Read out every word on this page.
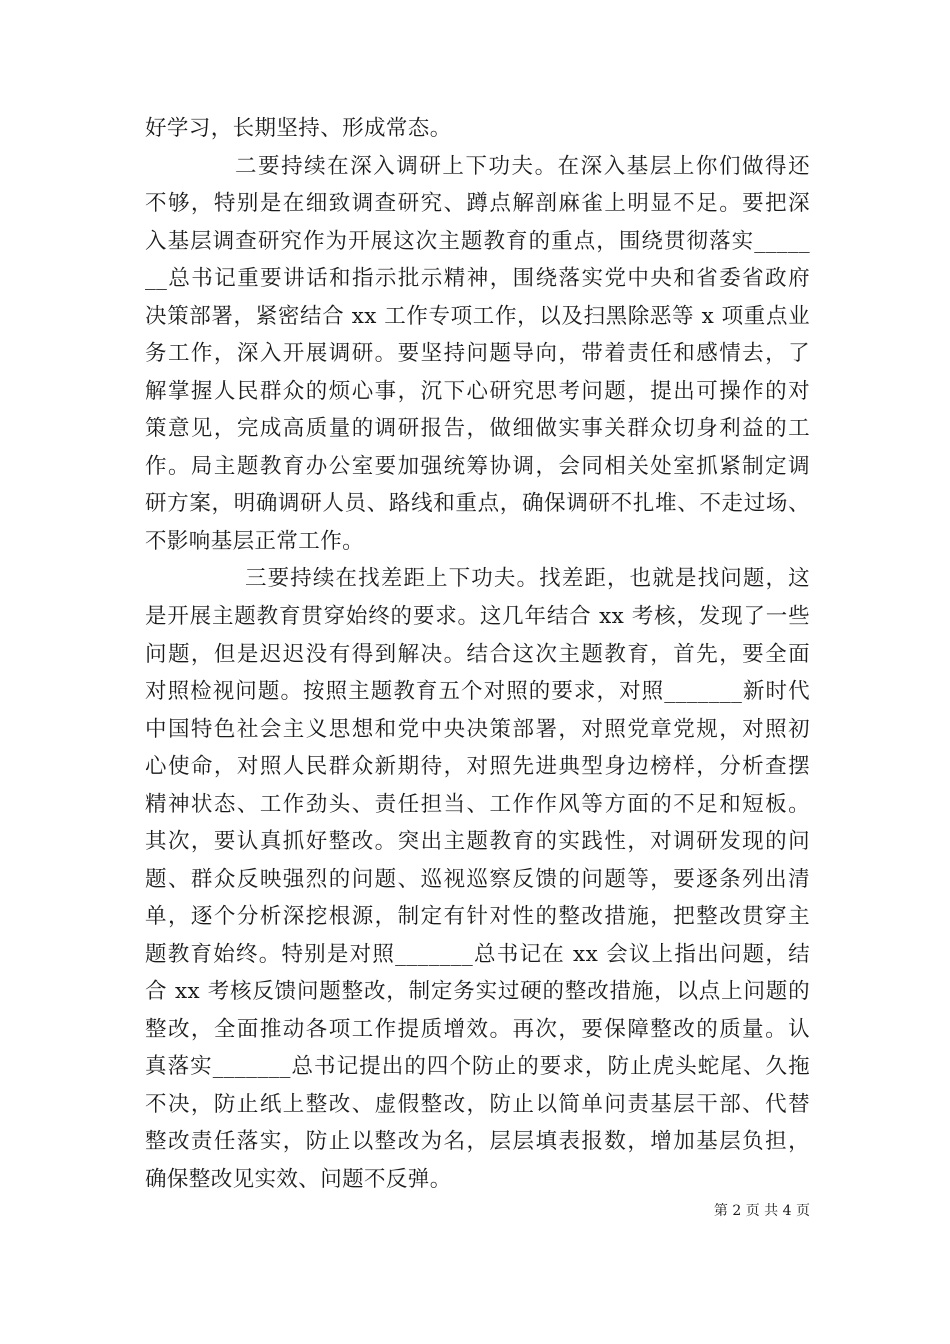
好学习，长期坚持、形成常态。
二要持续在深入调研上下功夫。在深入基层上你们做得还
不够，特别是在细致调查研究、蹲点解剖麻雀上明显不足。要把深
入基层调查研究作为开展这次主题教育的重点，围绕贯彻落实_____
__总书记重要讲话和指示批示精神，围绕落实党中央和省委省政府
决策部署，紧密结合 xx 工作专项工作，以及扫黑除恶等 x 项重点业
务工作，深入开展调研。要坚持问题导向，带着责任和感情去，了
解掌握人民群众的烦心事，沉下心研究思考问题，提出可操作的对
策意见，完成高质量的调研报告，做细做实事关群众切身利益的工
作。局主题教育办公室要加强统筹协调，会同相关处室抓紧制定调
研方案，明确调研人员、路线和重点，确保调研不扎堆、不走过场、
不影响基层正常工作。
三要持续在找差距上下功夫。找差距，也就是找问题，这
是开展主题教育贯穿始终的要求。这几年结合 xx 考核，发现了一些
问题，但是迟迟没有得到解决。结合这次主题教育，首先，要全面
对照检视问题。按照主题教育五个对照的要求，对照_______新时代
中国特色社会主义思想和党中央决策部署，对照党章党规，对照初
心使命，对照人民群众新期待，对照先进典型身边榜样，分析查摆
精神状态、工作劲头、责任担当、工作作风等方面的不足和短板。
其次，要认真抓好整改。突出主题教育的实践性，对调研发现的问
题、群众反映强烈的问题、巡视巡察反馈的问题等，要逐条列出清
单，逐个分析深挖根源，制定有针对性的整改措施，把整改贯穿主
题教育始终。特别是对照_______总书记在 xx 会议上指出问题，结
合 xx 考核反馈问题整改，制定务实过硬的整改措施，以点上问题的
整改，全面推动各项工作提质增效。再次，要保障整改的质量。认
真落实_______总书记提出的四个防止的要求，防止虎头蛇尾、久拖
不决，防止纸上整改、虚假整改，防止以简单问责基层干部、代替
整改责任落实，防止以整改为名，层层填表报数，增加基层负担，
确保整改见实效、问题不反弹。
第 2 页 共 4 页
